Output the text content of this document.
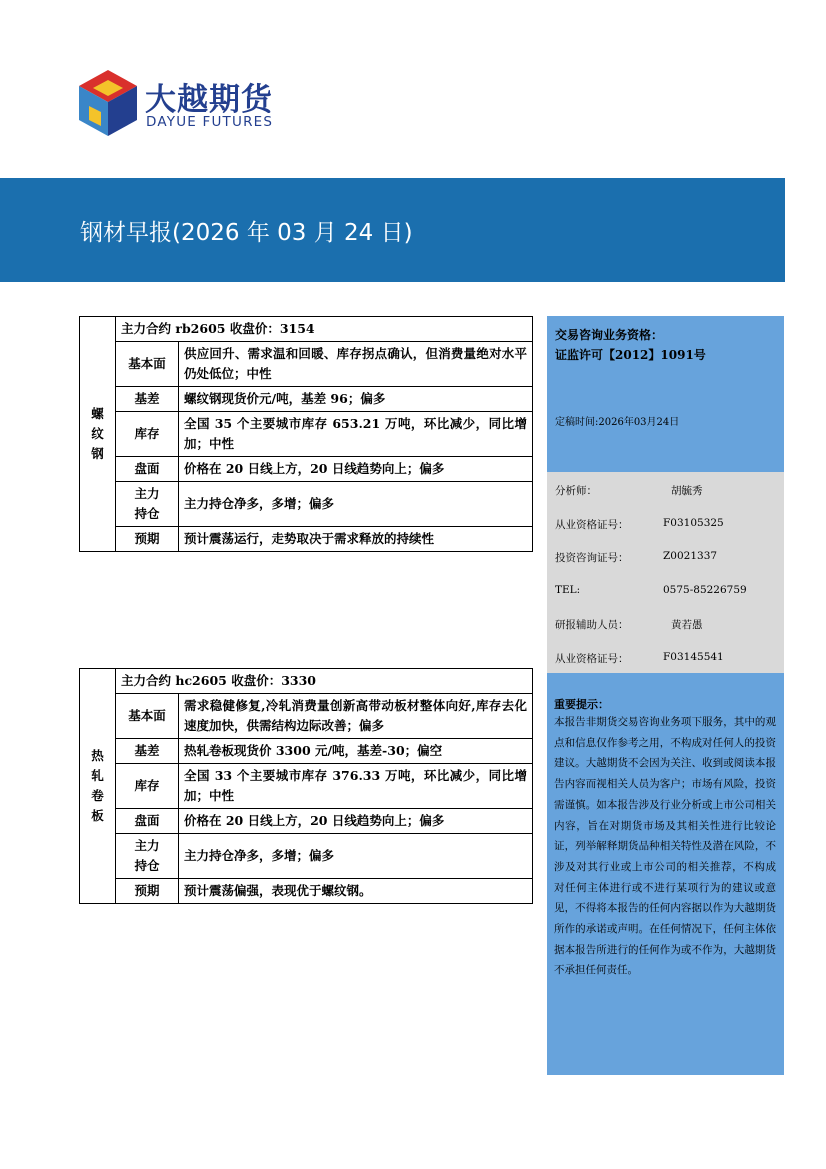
大越期货
DAYUE FUTURES
钢材早报(2026 年 03 月 24 日)
螺
纹
钢	主力合约 rb2605 收盘价：3154	
	基本面	供应回升、需求温和回暖、库存拐点确认，但消费量绝对水平仍处低位；中性
	基差	螺纹钢现货价元/吨，基差 96；偏多
	库存	全国 35 个主要城市库存 653.21 万吨，环比减少，同比增加；中性
	盘面	价格在 20 日线上方，20 日线趋势向上；偏多
	主力
持仓	主力持仓净多，多增；偏多
	预期	预计震荡运行，走势取决于需求释放的持续性
热
轧
卷
板	主力合约 hc2605 收盘价：3330	
	基本面	需求稳健修复,冷轧消费量创新高带动板材整体向好,库存去化速度加快，供需结构边际改善；偏多
	基差	热轧卷板现货价 3300 元/吨，基差-30；偏空
	库存	全国 33 个主要城市库存 376.33 万吨，环比减少，同比增加；中性
	盘面	价格在 20 日线上方，20 日线趋势向上；偏多
	主力
持仓	主力持仓净多，多增；偏多
	预期	预计震荡偏强，表现优于螺纹钢。
交易咨询业务资格：
证监许可【2012】1091号
定稿时间:2026年03月24日
分析师：	胡毓秀
从业资格证号：	F03105325
投资咨询证号：	Z0021337
TEL:	0575-85226759
研报辅助人员：	黄若愚
从业资格证号：	F03145541
重要提示：
本报告非期货交易咨询业务项下服务，其中的观点和信息仅作参考之用，不构成对任何人的投资建议。大越期货不会因为关注、收到或阅读本报告内容而视相关人员为客户；市场有风险，投资需谨慎。如本报告涉及行业分析或上市公司相关内容，旨在对期货市场及其相关性进行比较论证，列举解释期货品种相关特性及潜在风险，不涉及对其行业或上市公司的相关推荐，不构成 对任何主体进行或不进行某项行为的建议或意见，不得将本报告的任何内容据以作为大越期货所作的承诺或声明。在任何情况下，任何主体依据本报告所进行的任何作为或不作为，大越期货不承担任何责任。
